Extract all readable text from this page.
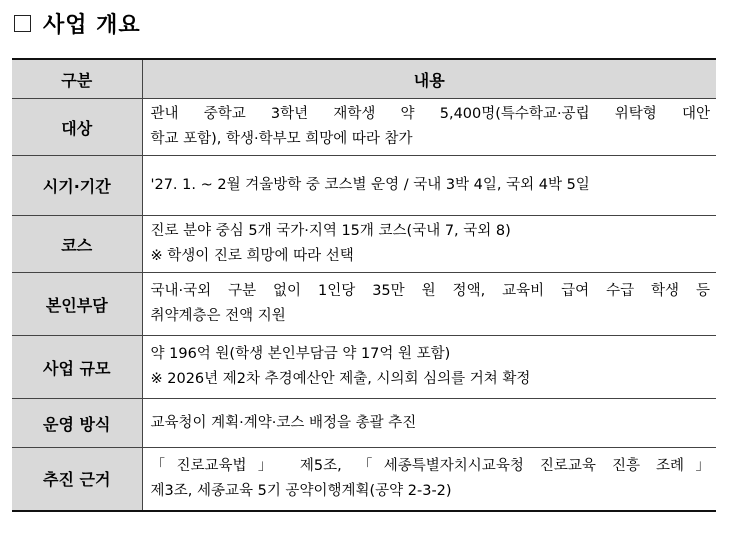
사업 개요
구분	내용
대상	관내 중학교 3학년 재학생 약 5,400명(특수학교·공립 위탁형 대안
학교 포함), 학생·학부모 희망에 따라 참가

시기·기간	'27. 1. ~ 2월 겨울방학 중 코스별 운영 / 국내 3박 4일, 국외 4박 5일

코스	진로 분야 중심 5개 국가·지역 15개 코스(국내 7, 국외 8)
※ 학생이 진로 희망에 따라 선택

본인부담	국내·국외 구분 없이 1인당 35만 원 정액, 교육비 급여 수급 학생 등
취약계층은 전액 지원

사업 규모	약 196억 원(학생 본인부담금 약 17억 원 포함)
※ 2026년 제2차 추경예산안 제출, 시의회 심의를 거쳐 확정

운영 방식	교육청이 계획·계약·코스 배정을 총괄 추진

추진 근거	「진로교육법」 제5조, 「세종특별자치시교육청 진로교육 진흥 조례」
제3조, 세종교육 5기 공약이행계획(공약 2-3-2)
